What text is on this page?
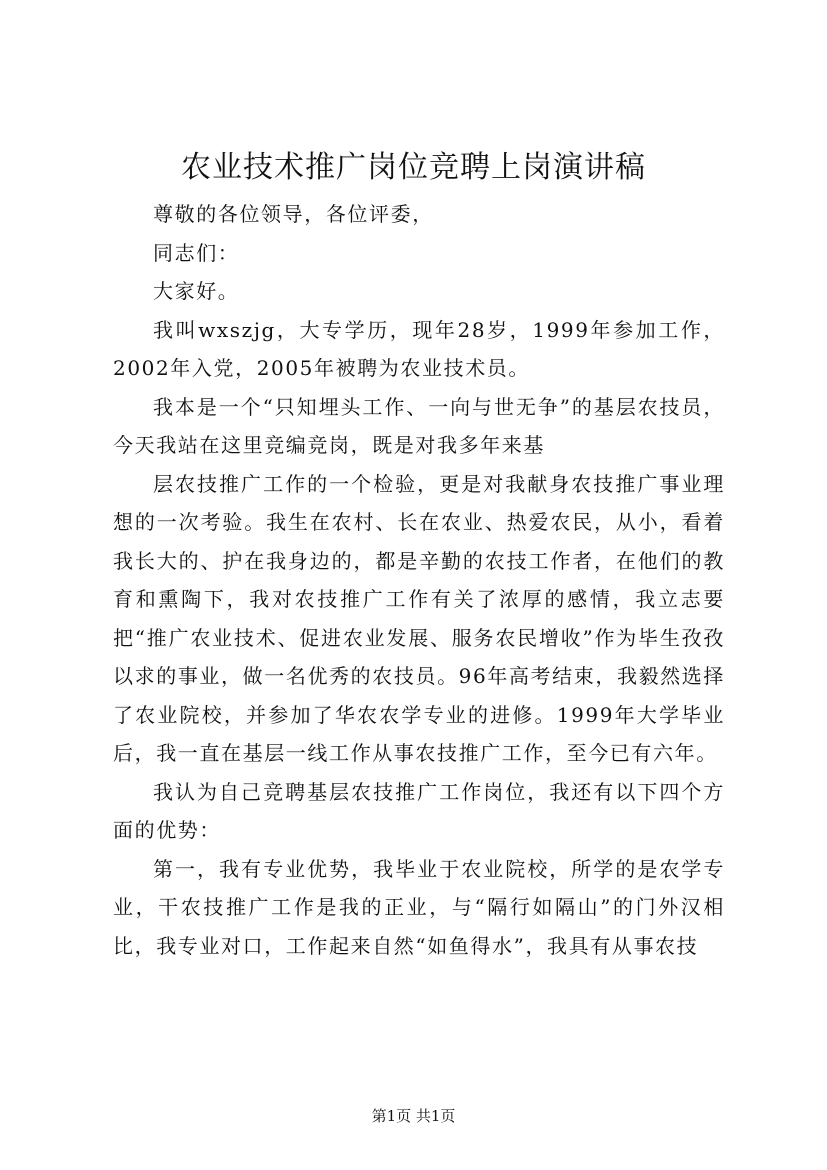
农业技术推广岗位竞聘上岗演讲稿

尊敬的各位领导，各位评委，

同志们：

大家好。

我叫wxszjg，大专学历，现年28岁，1999年参加工作，2002年入党，2005年被聘为农业技术员。

我本是一个“只知埋头工作、一向与世无争”的基层农技员，今天我站在这里竞编竞岗，既是对我多年来基

层农技推广工作的一个检验，更是对我献身农技推广事业理想的一次考验。我生在农村、长在农业、热爱农民，从小，看着我长大的、护在我身边的，都是辛勤的农技工作者，在他们的教育和熏陶下，我对农技推广工作有关了浓厚的感情，我立志要把“推广农业技术、促进农业发展、服务农民增收”作为毕生孜孜以求的事业，做一名优秀的农技员。96年高考结束，我毅然选择了农业院校，并参加了华农农学专业的进修。1999年大学毕业后，我一直在基层一线工作从事农技推广工作，至今已有六年。

我认为自己竞聘基层农技推广工作岗位，我还有以下四个方面的优势：

第一，我有专业优势，我毕业于农业院校，所学的是农学专业，干农技推广工作是我的正业，与“隔行如隔山”的门外汉相比，我专业对口，工作起来自然“如鱼得水”，我具有从事农技

第1页 共1页
